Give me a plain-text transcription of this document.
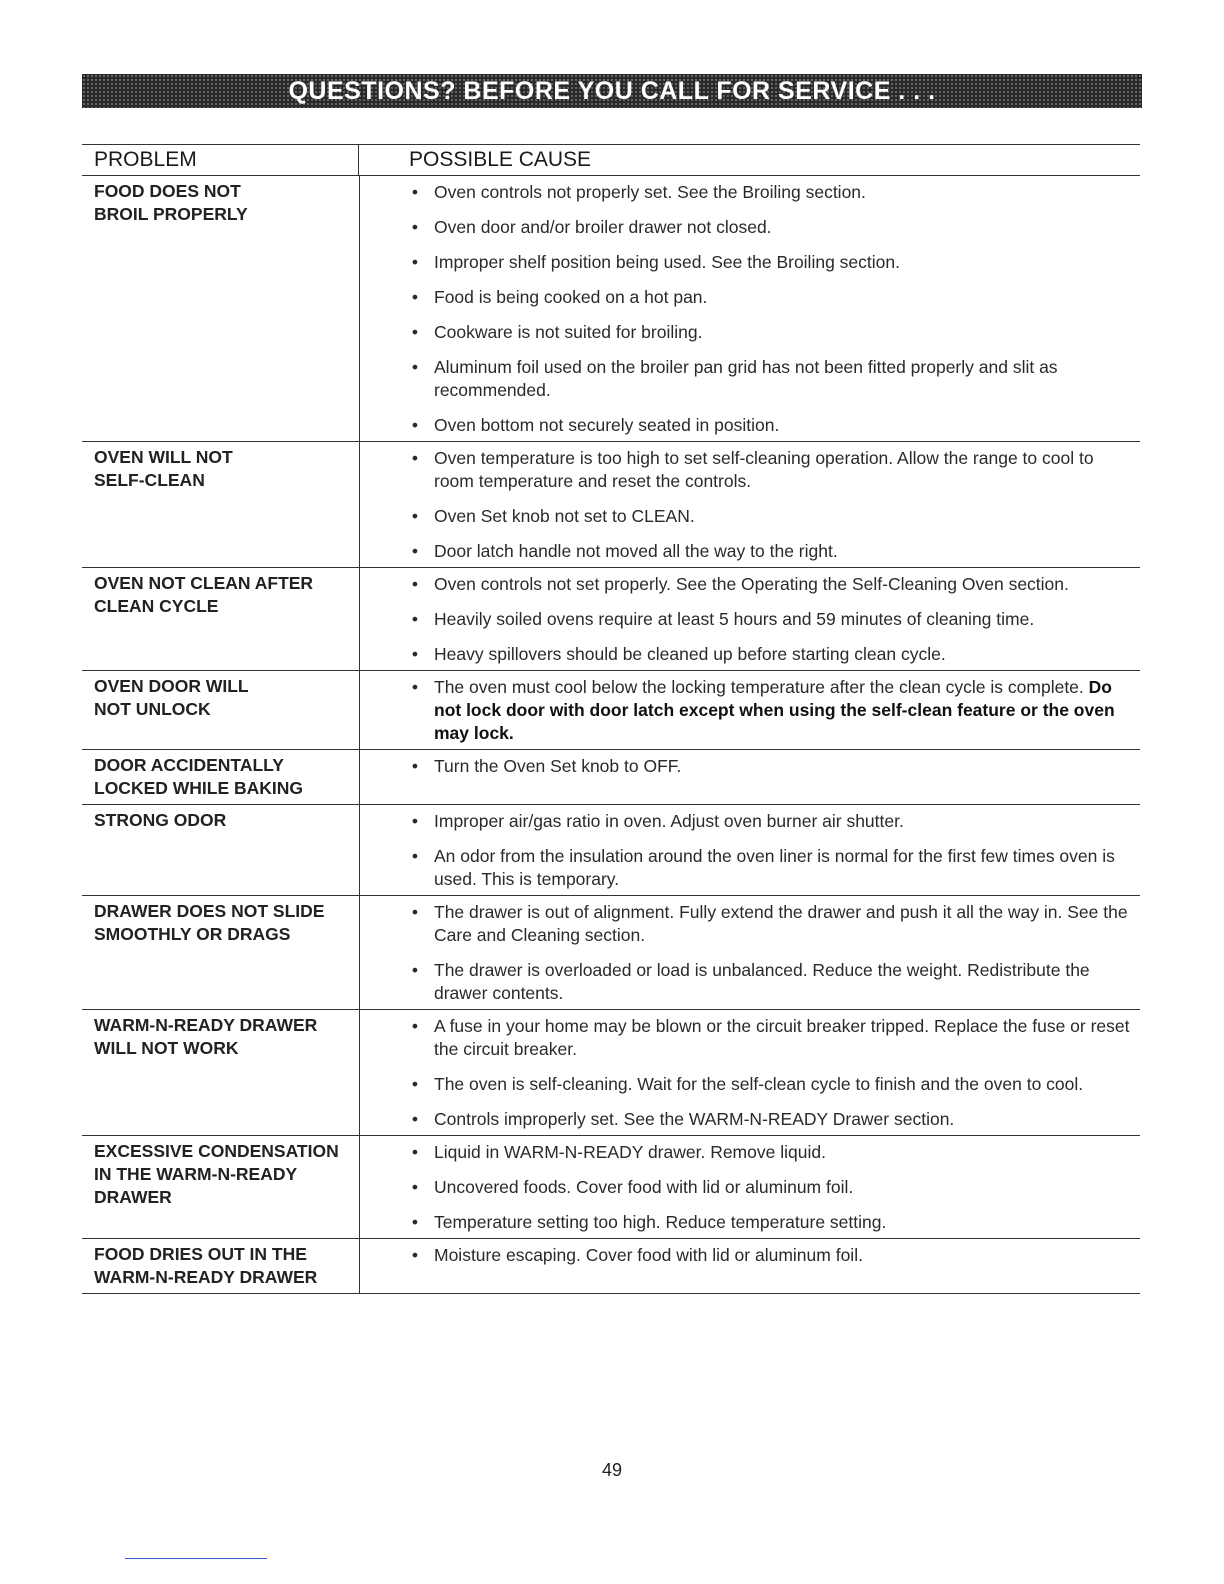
QUESTIONS? BEFORE YOU CALL FOR SERVICE . . .
PROBLEM	POSSIBLE CAUSE
FOOD DOES NOT
BROIL PROPERLY
• Oven controls not properly set. See the Broiling section.
• Oven door and/or broiler drawer not closed.
• Improper shelf position being used. See the Broiling section.
• Food is being cooked on a hot pan.
• Cookware is not suited for broiling.
• Aluminum foil used on the broiler pan grid has not been fitted properly and slit as recommended.
• Oven bottom not securely seated in position.
OVEN WILL NOT
SELF-CLEAN
• Oven temperature is too high to set self-cleaning operation. Allow the range to cool to room temperature and reset the controls.
• Oven Set knob not set to CLEAN.
• Door latch handle not moved all the way to the right.
OVEN NOT CLEAN AFTER
CLEAN CYCLE
• Oven controls not set properly. See the Operating the Self-Cleaning Oven section.
• Heavily soiled ovens require at least 5 hours and 59 minutes of cleaning time.
• Heavy spillovers should be cleaned up before starting clean cycle.
OVEN DOOR WILL
NOT UNLOCK
• The oven must cool below the locking temperature after the clean cycle is complete. Do not lock door with door latch except when using the self-clean feature or the oven may lock.
DOOR ACCIDENTALLY
LOCKED WHILE BAKING
• Turn the Oven Set knob to OFF.
STRONG ODOR	• Improper air/gas ratio in oven. Adjust oven burner air shutter.
• An odor from the insulation around the oven liner is normal for the first few times oven is used. This is temporary.
DRAWER DOES NOT SLIDE
SMOOTHLY OR DRAGS
• The drawer is out of alignment. Fully extend the drawer and push it all the way in. See the Care and Cleaning section.
• The drawer is overloaded or load is unbalanced. Reduce the weight. Redistribute the drawer contents.
WARM-N-READY DRAWER
WILL NOT WORK
• A fuse in your home may be blown or the circuit breaker tripped. Replace the fuse or reset the circuit breaker.
• The oven is self-cleaning. Wait for the self-clean cycle to finish and the oven to cool.
• Controls improperly set. See the WARM-N-READY Drawer section.
EXCESSIVE CONDENSATION
IN THE WARM-N-READY
DRAWER
• Liquid in WARM-N-READY drawer. Remove liquid.
• Uncovered foods. Cover food with lid or aluminum foil.
• Temperature setting too high. Reduce temperature setting.
FOOD DRIES OUT IN THE
WARM-N-READY DRAWER
• Moisture escaping. Cover food with lid or aluminum foil.
49
